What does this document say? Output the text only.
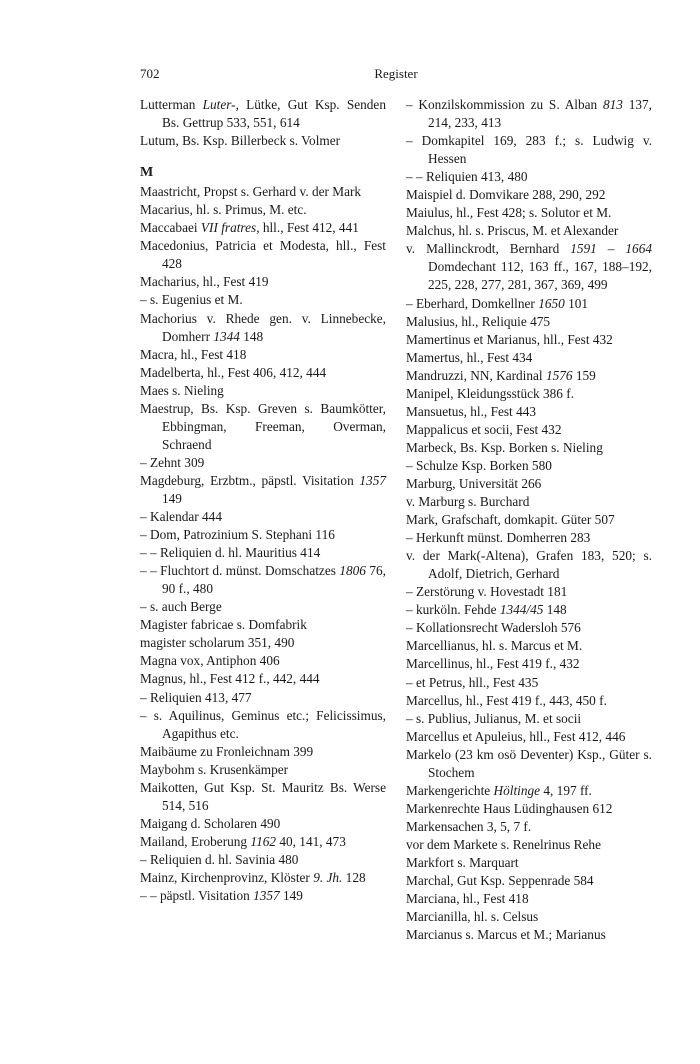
702	Register

Lutterman Luter-, Lütke, Gut Ksp. Senden Bs. Gettrup 533, 551, 614

Lutum, Bs. Ksp. Billerbeck s. Volmer

M

Maastricht, Propst s. Gerhard v. der Mark

Macarius, hl. s. Primus, M. etc.

Maccabaei VII fratres, hll., Fest 412, 441

Macedonius, Patricia et Modesta, hll., Fest 428

Macharius, hl., Fest 419

– s. Eugenius et M.

Machorius v. Rhede gen. v. Linnebecke, Domherr 1344 148

Macra, hl., Fest 418

Madelberta, hl., Fest 406, 412, 444

Maes s. Nieling

Maestrup, Bs. Ksp. Greven s. Baumkötter, Ebbingman, Freeman, Overman, Schraend

– Zehnt 309

Magdeburg, Erzbtm., päpstl. Visitation 1357 149

– Kalendar 444

– Dom, Patrozinium S. Stephani 116

– – Reliquien d. hl. Mauritius 414

– – Fluchtort d. münst. Domschatzes 1806 76, 90 f., 480

– s. auch Berge

Magister fabricae s. Domfabrik

magister scholarum 351, 490

Magna vox, Antiphon 406

Magnus, hl., Fest 412 f., 442, 444

– Reliquien 413, 477

– s. Aquilinus, Geminus etc.; Felicissimus, Agapithus etc.

Maibäume zu Fronleichnam 399

Maybohm s. Krusenkämper

Maikotten, Gut Ksp. St. Mauritz Bs. Werse 514, 516

Maigang d. Scholaren 490

Mailand, Eroberung 1162 40, 141, 473

– Reliquien d. hl. Savinia 480

Mainz, Kirchenprovinz, Klöster 9. Jh. 128

– – päpstl. Visitation 1357 149

– Konzilskommission zu S. Alban 813 137, 214, 233, 413

– Domkapitel 169, 283 f.; s. Ludwig v. Hessen

– – Reliquien 413, 480

Maispiel d. Domvikare 288, 290, 292

Maiulus, hl., Fest 428; s. Solutor et M.

Malchus, hl. s. Priscus, M. et Alexander

v. Mallinckrodt, Bernhard 1591 – 1664 Domdechant 112, 163 ff., 167, 188–192, 225, 228, 277, 281, 367, 369, 499

– Eberhard, Domkellner 1650 101

Malusius, hl., Reliquie 475

Mamertinus et Marianus, hll., Fest 432

Mamertus, hl., Fest 434

Mandruzzi, NN, Kardinal 1576 159

Manipel, Kleidungsstück 386 f.

Mansuetus, hl., Fest 443

Mappalicus et socii, Fest 432

Marbeck, Bs. Ksp. Borken s. Nieling

– Schulze Ksp. Borken 580

Marburg, Universität 266

v. Marburg s. Burchard

Mark, Grafschaft, domkapit. Güter 507

– Herkunft münst. Domherren 283

v. der Mark(-Altena), Grafen 183, 520; s. Adolf, Dietrich, Gerhard

– Zerstörung v. Hovestadt 181

– kurköln. Fehde 1344/45 148

– Kollationsrecht Wadersloh 576

Marcellianus, hl. s. Marcus et M.

Marcellinus, hl., Fest 419 f., 432

– et Petrus, hll., Fest 435

Marcellus, hl., Fest 419 f., 443, 450 f.

– s. Publius, Julianus, M. et socii

Marcellus et Apuleius, hll., Fest 412, 446

Markelo (23 km osö Deventer) Ksp., Güter s. Stochem

Markengerichte Höltinge 4, 197 ff.

Markenrechte Haus Lüdinghausen 612

Markensachen 3, 5, 7 f.

vor dem Markete s. Renelrinus Rehe

Markfort s. Marquart

Marchal, Gut Ksp. Seppenrade 584

Marciana, hl., Fest 418

Marcianilla, hl. s. Celsus

Marcianus s. Marcus et M.; Marianus
